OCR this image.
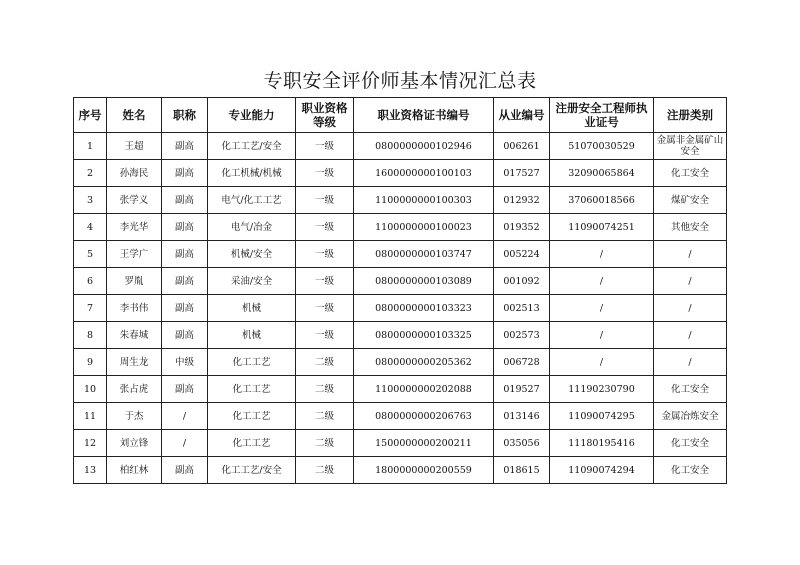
专职安全评价师基本情况汇总表
序号	姓名	职称	专业能力	职业资格等级	职业资格证书编号	从业编号	注册安全工程师执业证号	注册类别
1	王超	副高	化工工艺/安全	一级	0800000000102946	006261	51070030529	金属非金属矿山安全
2	孙海民	副高	化工机械/机械	一级	1600000000100103	017527	32090065864	化工安全
3	张学义	副高	电气/化工工艺	一级	1100000000100303	012932	37060018566	煤矿安全
4	李光华	副高	电气/冶金	一级	1100000000100023	019352	11090074251	其他安全
5	王学广	副高	机械/安全	一级	0800000000103747	005224	/	/
6	罗胤	副高	采油/安全	一级	0800000000103089	001092	/	/
7	李书伟	副高	机械	一级	0800000000103323	002513	/	/
8	朱春城	副高	机械	一级	0800000000103325	002573	/	/
9	周生龙	中级	化工工艺	二级	0800000000205362	006728	/	/
10	张占虎	副高	化工工艺	二级	1100000000202088	019527	11190230790	化工安全
11	于杰	/	化工工艺	二级	0800000000206763	013146	11090074295	金属冶炼安全
12	刘立锋	/	化工工艺	二级	1500000000200211	035056	11180195416	化工安全
13	柏红林	副高	化工工艺/安全	二级	1800000000200559	018615	11090074294	化工安全
